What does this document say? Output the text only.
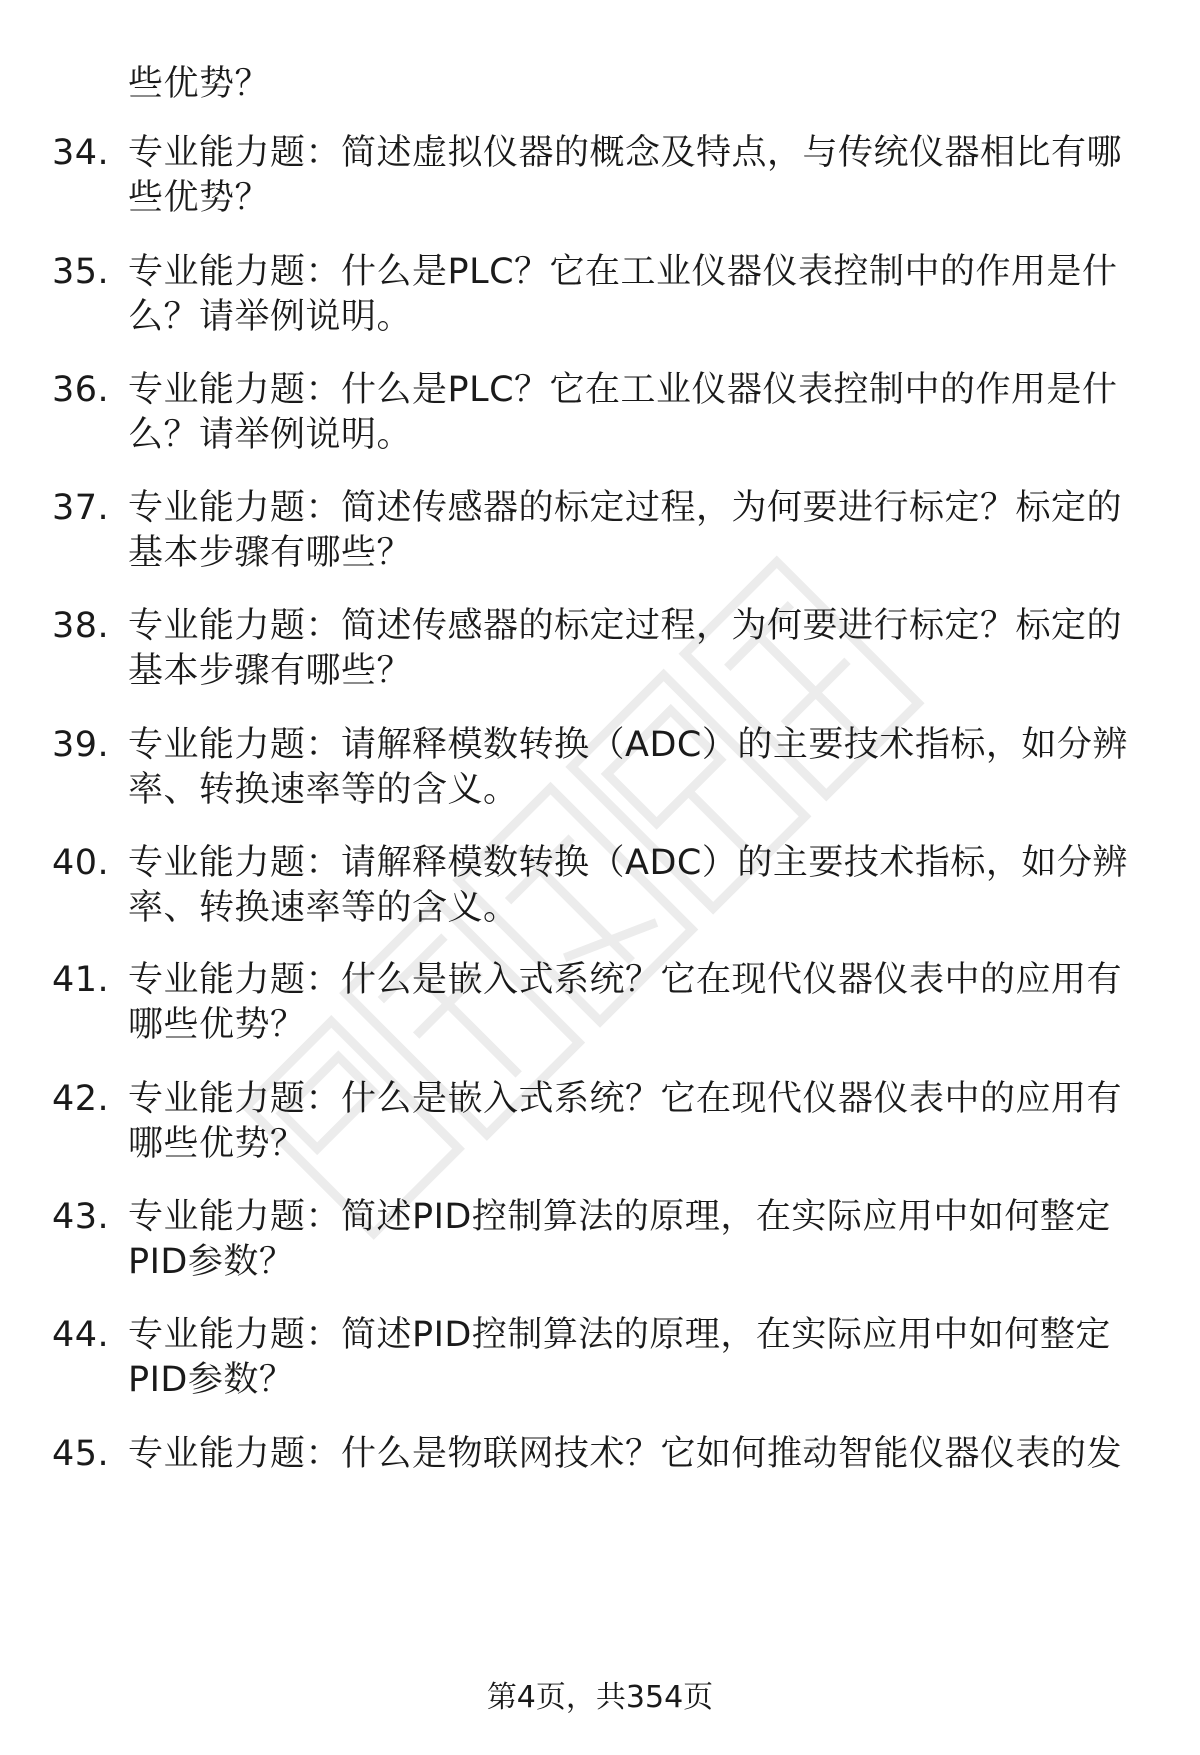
些优势？
34. 专业能力题：简述虚拟仪器的概念及特点，与传统仪器相比有哪
些优势？
35. 专业能力题：什么是PLC？它在工业仪器仪表控制中的作用是什
么？请举例说明。
36. 专业能力题：什么是PLC？它在工业仪器仪表控制中的作用是什
么？请举例说明。
37. 专业能力题：简述传感器的标定过程，为何要进行标定？标定的
基本步骤有哪些？
38. 专业能力题：简述传感器的标定过程，为何要进行标定？标定的
基本步骤有哪些？
39. 专业能力题：请解释模数转换（ADC）的主要技术指标，如分辨
率、转换速率等的含义。
40. 专业能力题：请解释模数转换（ADC）的主要技术指标，如分辨
率、转换速率等的含义。
41. 专业能力题：什么是嵌入式系统？它在现代仪器仪表中的应用有
哪些优势？
42. 专业能力题：什么是嵌入式系统？它在现代仪器仪表中的应用有
哪些优势？
43. 专业能力题：简述PID控制算法的原理，在实际应用中如何整定
PID参数？
44. 专业能力题：简述PID控制算法的原理，在实际应用中如何整定
PID参数？
45. 专业能力题：什么是物联网技术？它如何推动智能仪器仪表的发
第4页，共354页
